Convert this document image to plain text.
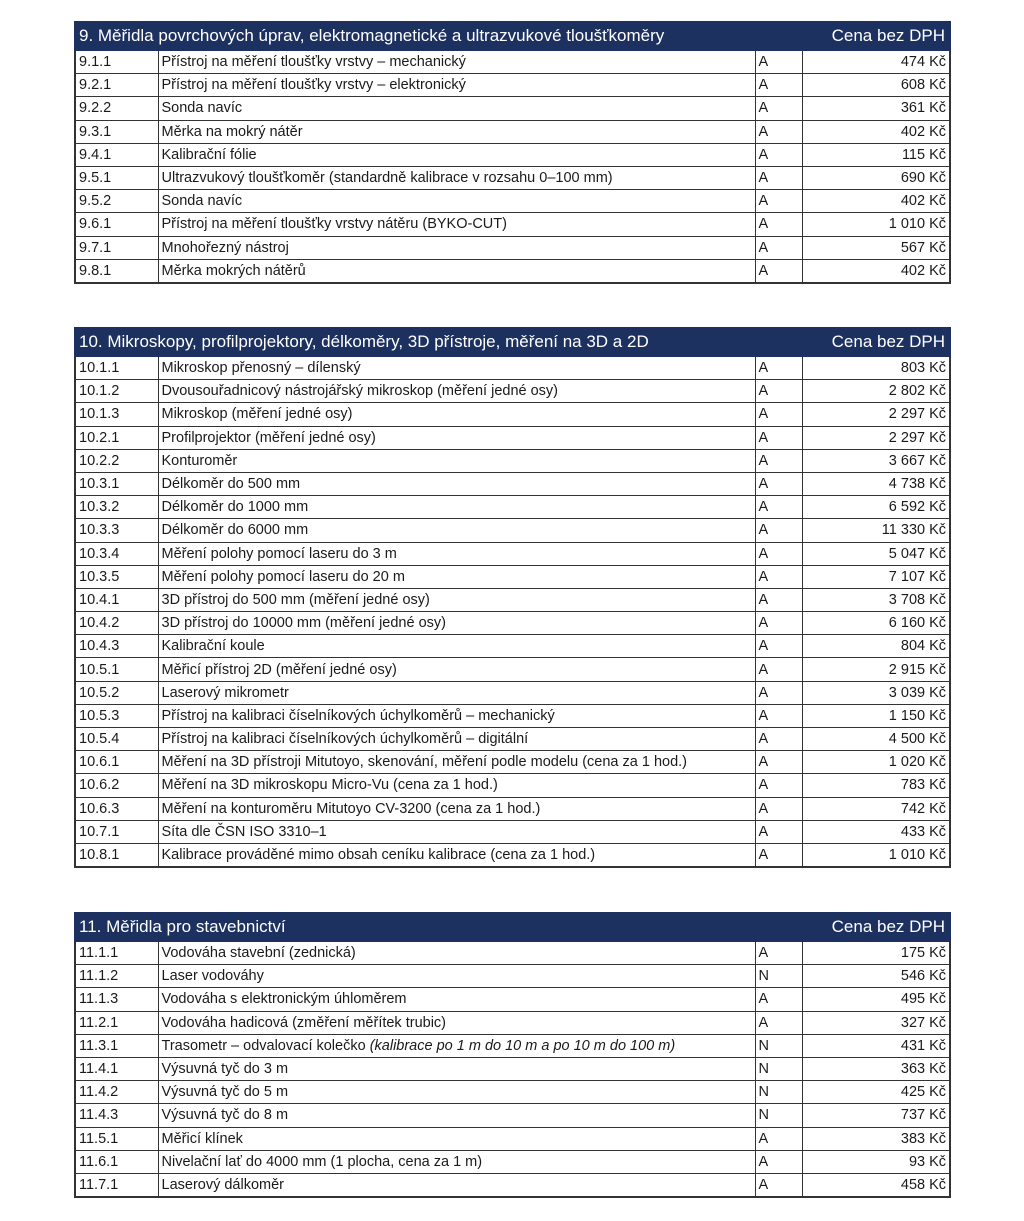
9. Měřidla povrchových úprav, elektromagnetické a ultrazvukové tloušťkoměry			Cena bez DPH
9.1.1	Přístroj na měření tloušťky vrstvy – mechanický	A	474 Kč
9.2.1	Přístroj na měření tloušťky vrstvy – elektronický	A	608 Kč
9.2.2	Sonda navíc	A	361 Kč
9.3.1	Měrka na mokrý nátěr	A	402 Kč
9.4.1	Kalibrační fólie	A	115 Kč
9.5.1	Ultrazvukový tloušťkoměr (standardně kalibrace v rozsahu 0–100 mm)	A	690 Kč
9.5.2	Sonda navíc	A	402 Kč
9.6.1	Přístroj na měření tloušťky vrstvy nátěru (BYKO-CUT)	A	1 010 Kč
9.7.1	Mnohořezný nástroj	A	567 Kč
9.8.1	Měrka mokrých nátěrů	A	402 Kč
10. Mikroskopy, profilprojektory, délkoměry, 3D přístroje, měření na 3D a 2D			Cena bez DPH
10.1.1	Mikroskop přenosný – dílenský	A	803 Kč
10.1.2	Dvousouřadnicový nástrojářský mikroskop (měření jedné osy)	A	2 802 Kč
10.1.3	Mikroskop (měření jedné osy)	A	2 297 Kč
10.2.1	Profilprojektor (měření jedné osy)	A	2 297 Kč
10.2.2	Konturoměr	A	3 667 Kč
10.3.1	Délkoměr do 500 mm	A	4 738 Kč
10.3.2	Délkoměr do 1000 mm	A	6 592 Kč
10.3.3	Délkoměr do 6000 mm	A	11 330 Kč
10.3.4	Měření polohy pomocí laseru do 3 m	A	5 047 Kč
10.3.5	Měření polohy pomocí laseru do 20 m	A	7 107 Kč
10.4.1	3D přístroj do 500 mm (měření jedné osy)	A	3 708 Kč
10.4.2	3D přístroj do 10000 mm (měření jedné osy)	A	6 160 Kč
10.4.3	Kalibrační koule	A	804 Kč
10.5.1	Měřicí přístroj 2D (měření jedné osy)	A	2 915 Kč
10.5.2	Laserový mikrometr	A	3 039 Kč
10.5.3	Přístroj na kalibraci číselníkových úchylkoměrů – mechanický	A	1 150 Kč
10.5.4	Přístroj na kalibraci číselníkových úchylkoměrů – digitální	A	4 500 Kč
10.6.1	Měření na 3D přístroji Mitutoyo, skenování, měření podle modelu (cena za 1 hod.)	A	1 020 Kč
10.6.2	Měření na 3D mikroskopu Micro-Vu (cena za 1 hod.)	A	783 Kč
10.6.3	Měření na konturoměru Mitutoyo CV-3200 (cena za 1 hod.)	A	742 Kč
10.7.1	Síta dle ČSN ISO 3310–1	A	433 Kč
10.8.1	Kalibrace prováděné mimo obsah ceníku kalibrace (cena za 1 hod.)	A	1 010 Kč
11. Měřidla pro stavebnictví			Cena bez DPH
11.1.1	Vodováha stavební (zednická)	A	175 Kč
11.1.2	Laser vodováhy	N	546 Kč
11.1.3	Vodováha s elektronickým úhloměrem	A	495 Kč
11.2.1	Vodováha hadicová (změření měřítek trubic)	A	327 Kč
11.3.1	Trasometr – odvalovací kolečko (kalibrace po 1 m do 10 m a po 10 m do 100 m)	N	431 Kč
11.4.1	Výsuvná tyč do 3 m	N	363 Kč
11.4.2	Výsuvná tyč do 5 m	N	425 Kč
11.4.3	Výsuvná tyč do 8 m	N	737 Kč
11.5.1	Měřicí klínek	A	383 Kč
11.6.1	Nivelační lať do 4000 mm (1 plocha, cena za 1 m)	A	93 Kč
11.7.1	Laserový dálkoměr	A	458 Kč
